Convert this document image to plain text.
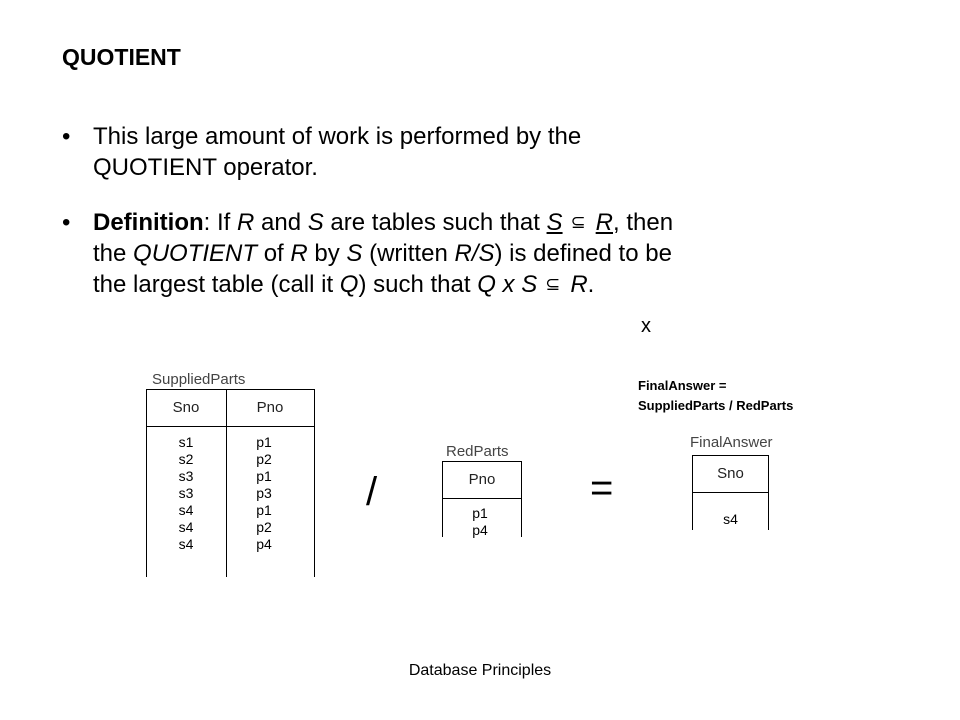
QUOTIENT
• This large amount of work is performed by the
QUOTIENT operator.
• Definition: If R and S are tables such that S ⊆ R, then
the QUOTIENT of R by S (written R/S) is defined to be
the largest table (call it Q) such that Q x S ⊆ R.
x
SuppliedParts
Sno	Pno
s1
s2
s3
s3
s4
s4
s4
p1
p2
p1
p3
p1
p2
p4
/
RedParts
Pno
p1
p4
=
FinalAnswer =
SuppliedParts / RedParts
FinalAnswer
Sno
s4
Database Principles
